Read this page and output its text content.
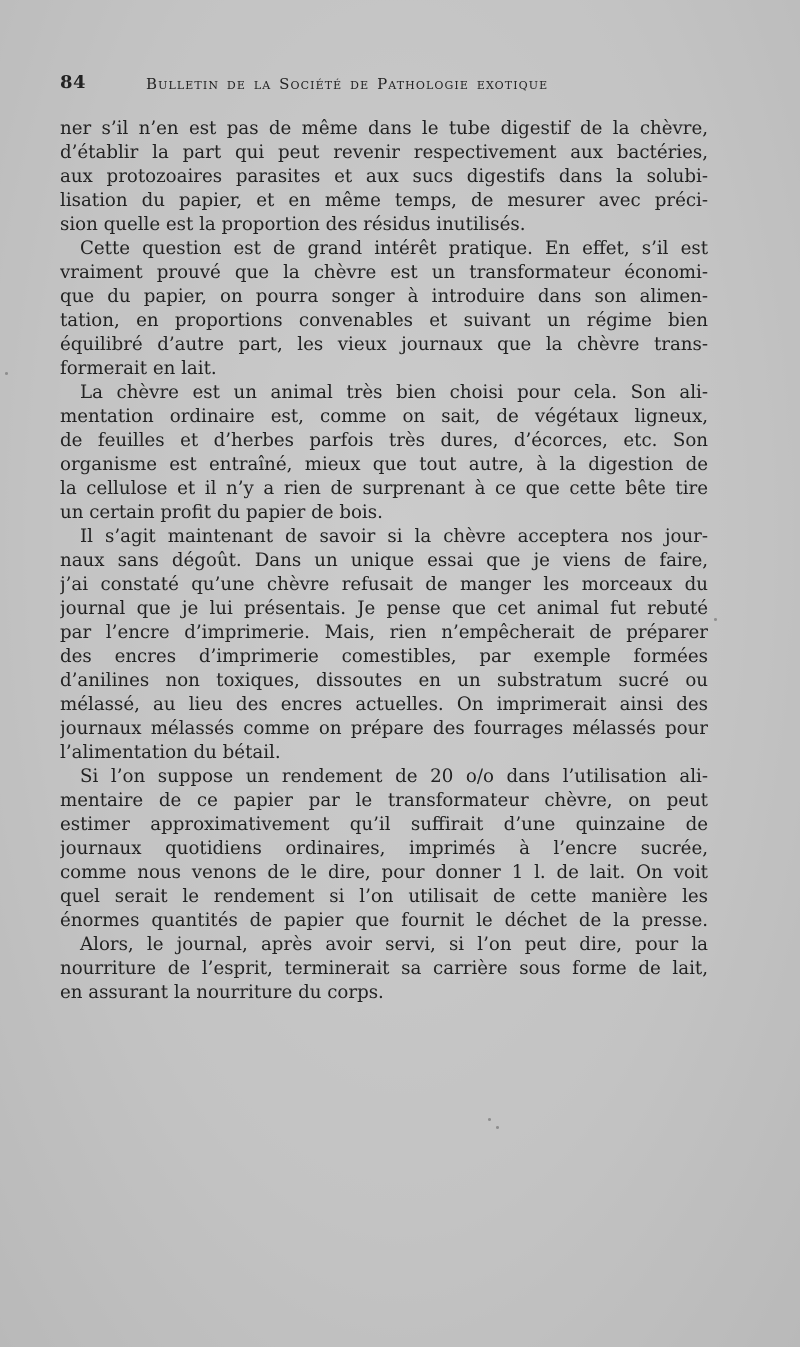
84	Bulletin de la Société de Pathologie exotique

ner s’il n’en est pas de même dans le tube digestif de la chèvre,
d’établir la part qui peut revenir respectivement aux bactéries,
aux protozoaires parasites et aux sucs digestifs dans la solubi-
lisation du papier, et en même temps, de mesurer avec préci-
sion quelle est la proportion des résidus inutilisés.

Cette question est de grand intérêt pratique. En effet, s’il est
vraiment prouvé que la chèvre est un transformateur économi-
que du papier, on pourra songer à introduire dans son alimen-
tation, en proportions convenables et suivant un régime bien
équilibré d’autre part, les vieux journaux que la chèvre trans-
formerait en lait.

La chèvre est un animal très bien choisi pour cela. Son ali-
mentation ordinaire est, comme on sait, de végétaux ligneux,
de feuilles et d’herbes parfois très dures, d’écorces, etc. Son
organisme est entraîné, mieux que tout autre, à la digestion de
la cellulose et il n’y a rien de surprenant à ce que cette bête tire
un certain profit du papier de bois.

Il s’agit maintenant de savoir si la chèvre acceptera nos jour-
naux sans dégoût. Dans un unique essai que je viens de faire,
j’ai constaté qu’une chèvre refusait de manger les morceaux du
journal que je lui présentais. Je pense que cet animal fut rebuté
par l’encre d’imprimerie. Mais, rien n’empêcherait de préparer
des encres d’imprimerie comestibles, par exemple formées
d’anilines non toxiques, dissoutes en un substratum sucré ou
mélassé, au lieu des encres actuelles. On imprimerait ainsi des
journaux mélassés comme on prépare des fourrages mélassés pour
l’alimentation du bétail.

Si l’on suppose un rendement de 20 o/o dans l’utilisation ali-
mentaire de ce papier par le transformateur chèvre, on peut
estimer approximativement qu’il suffirait d’une quinzaine de
journaux quotidiens ordinaires, imprimés à l’encre sucrée,
comme nous venons de le dire, pour donner 1 l. de lait. On voit
quel serait le rendement si l’on utilisait de cette manière les
énormes quantités de papier que fournit le déchet de la presse.

Alors, le journal, après avoir servi, si l’on peut dire, pour la
nourriture de l’esprit, terminerait sa carrière sous forme de lait,
en assurant la nourriture du corps.
